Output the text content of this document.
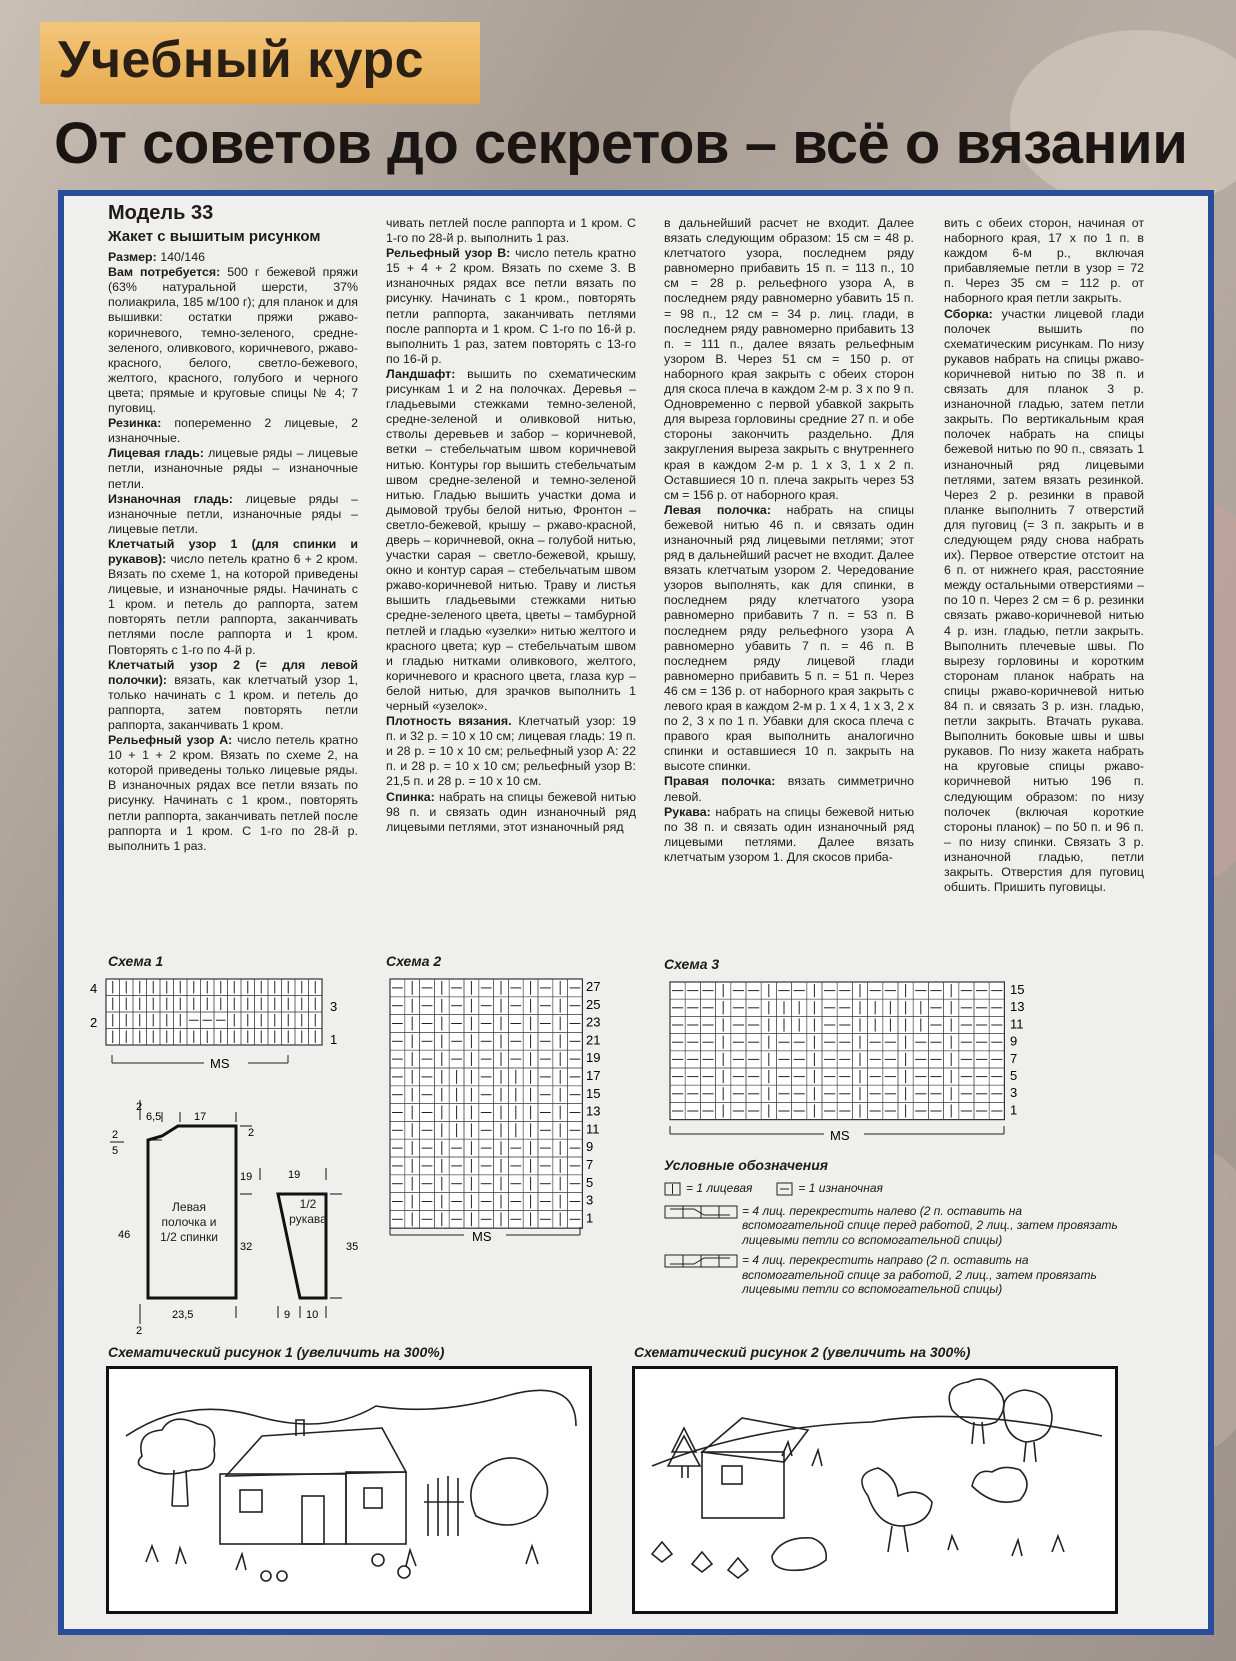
Учебный курс
От советов до секретов – всё о вязании
Модель 33
Жакет с вышитым рисунком

Размер: 140/146

Вам потребуется: 500 г бежевой пряжи (63% натуральной шерсти, 37% полиакрила, 185 м/100 г); для планок и для вышивки: остатки пряжи ржаво-коричневого, темно-зеленого, средне-зеленого, оливкового, коричневого, ржаво-красного, белого, светло-бежевого, желтого, красного, голубого и черного цвета; прямые и круговые спицы № 4; 7 пуговиц.

Резинка: попеременно 2 лицевые, 2 изнаночные.

Лицевая гладь: лицевые ряды – лицевые петли, изнаночные ряды – изнаночные петли.

Изнаночная гладь: лицевые ряды – изнаночные петли, изнаночные ряды – лицевые петли.

Клетчатый узор 1 (для спинки и рукавов): число петель кратно 6 + 2 кром. Вязать по схеме 1, на которой приведены лицевые, и изнаночные ряды. Начинать с 1 кром. и петель до раппорта, затем повторять петли раппорта, заканчивать петлями после раппорта и 1 кром. Повторять с 1-го по 4-й р.

Клетчатый узор 2 (= для левой полочки): вязать, как клетчатый узор 1, только начинать с 1 кром. и петель до раппорта, затем повторять петли раппорта, заканчивать 1 кром.

Рельефный узор А: число петель кратно 10 + 1 + 2 кром. Вязать по схеме 2, на которой приведены только лицевые ряды. В изнаночных рядах все петли вязать по рисунку. Начинать с 1 кром., повторять петли раппорта, заканчивать петлей после раппорта и 1 кром. С 1-го по 28-й р. выполнить 1 раз.

чивать петлей после раппорта и 1 кром. С 1-го по 28-й р. выполнить 1 раз.

Рельефный узор В: число петель кратно 15 + 4 + 2 кром. Вязать по схеме 3. В изнаночных рядах все петли вязать по рисунку. Начинать с 1 кром., повторять петли раппорта, заканчивать петлями после раппорта и 1 кром. С 1-го по 16-й р. выполнить 1 раз, затем повторять с 13-го по 16-й р.

Ландшафт: вышить по схематическим рисункам 1 и 2 на полочках. Деревья – гладьевыми стежками темно-зеленой, средне-зеленой и оливковой нитью, стволы деревьев и забор – коричневой, ветки – стебельчатым швом коричневой нитью. Контуры гор вышить стебельчатым швом средне-зеленой и темно-зеленой нитью. Гладью вышить участки дома и дымовой трубы белой нитью, Фронтон – светло-бежевой, крышу – ржаво-красной, дверь – коричневой, окна – голубой нитью, участки сарая – светло-бежевой, крышу, окно и контур сарая – стебельчатым швом ржаво-коричневой нитью. Траву и листья вышить гладьевыми стежками нитью средне-зеленого цвета, цветы – тамбурной петлей и гладью «узелки» нитью желтого и красного цвета; кур – стебельчатым швом и гладью нитками оливкового, желтого, коричневого и красного цвета, глаза кур – белой нитью, для зрачков выполнить 1 черный «узелок».

Плотность вязания. Клетчатый узор: 19 п. и 32 р. = 10 х 10 см; лицевая гладь: 19 п. и 28 р. = 10 х 10 см; рельефный узор А: 22 п. и 28 р. = 10 х 10 см; рельефный узор В: 21,5 п. и 28 р. = 10 х 10 см.

Спинка: набрать на спицы бежевой нитью 98 п. и связать один изнаночный ряд лицевыми петлями, этот изнаночный ряд

в дальнейший расчет не входит. Далее вязать следующим образом: 15 см = 48 р. клетчатого узора, последнем ряду равномерно прибавить 15 п. = 113 п., 10 см = 28 р. рельефного узора А, в последнем ряду равномерно убавить 15 п. = 98 п., 12 см = 34 р. лиц. глади, в последнем ряду равномерно прибавить 13 п. = 111 п., далее вязать рельефным узором В. Через 51 см = 150 р. от наборного края закрыть с обеих сторон для скоса плеча в каждом 2-м р. 3 х по 9 п. Одновременно с первой убавкой закрыть для выреза горловины средние 27 п. и обе стороны закончить раздельно. Для закругления выреза закрыть с внутреннего края в каждом 2-м р. 1 х 3, 1 х 2 п. Оставшиеся 10 п. плеча закрыть через 53 см = 156 р. от наборного края.

Левая полочка: набрать на спицы бежевой нитью 46 п. и связать один изнаночный ряд лицевыми петлями; этот ряд в дальнейший расчет не входит. Далее вязать клетчатым узором 2. Чередование узоров выполнять, как для спинки, в последнем ряду клетчатого узора равномерно прибавить 7 п. = 53 п. В последнем ряду рельефного узора А равномерно убавить 7 п. = 46 п. В последнем ряду лицевой глади равномерно прибавить 5 п. = 51 п. Через 46 см = 136 р. от наборного края закрыть с левого края в каждом 2-м р. 1 х 4, 1 х 3, 2 х по 2, 3 х по 1 п. Убавки для скоса плеча с правого края выполнить аналогично спинки и оставшиеся 10 п. закрыть на высоте спинки.

Правая полочка: вязать симметрично левой.

Рукава: набрать на спицы бежевой нитью по 38 п. и связать один изнаночный ряд лицевыми петлями. Далее вязать клетчатым узором 1. Для скосов приба-

вить с обеих сторон, начиная от наборного края, 17 х по 1 п. в каждом 6-м р., включая прибавляемые петли в узор = 72 п. Через 35 см = 112 р. от наборного края петли закрыть.

Сборка: участки лицевой глади полочек вышить по схематическим рисункам. По низу рукавов набрать на спицы ржаво-коричневой нитью по 38 п. и связать для планок 3 р. изнаночной гладью, затем петли закрыть. По вертикальным края полочек набрать на спицы бежевой нитью по 90 п., связать 1 изнаночный ряд лицевыми петлями, затем вязать резинкой. Через 2 р. резинки в правой планке выполнить 7 отверстий для пуговиц (= 3 п. закрыть и в следующем ряду снова набрать их). Первое отверстие отстоит на 6 п. от нижнего края, расстояние между остальными отверстиями – по 10 п. Через 2 см = 6 р. резинки связать ржаво-коричневой нитью 4 р. изн. гладью, петли закрыть. Выполнить плечевые швы. По вырезу горловины и коротким сторонам планок набрать на спицы ржаво-коричневой нитью 84 п. и связать 3 р. изн. гладью, петли закрыть. Втачать рукава. Выполнить боковые швы и швы рукавов. По низу жакета набрать на круговые спицы ржаво-коричневой нитью 196 п. следующим образом: по низу полочек (включая короткие стороны планок) – по 50 п. и 96 п. – по низу спинки. Связать 3 р. изнаночной гладью, петли закрыть. Отверстия для пуговиц обшить. Пришить пуговицы.

Схема 1	Схема 2	Схема 3
4
2
3
1
MS
27
25
23
21
19
17
15
13
11
9
7
5
3
1
MS
15
13
11
9
7
5
3
1
MS
Условные обозначения
= 1 лицевая	= 1 изнаночная
= 4 лиц. перекрестить налево (2 п. оставить на вспомогательной спице перед работой, 2 лиц., затем провязать лицевыми петли со вспомогательной спицы)
= 4 лиц. перекрестить направо (2 п. оставить на вспомогательной спице за работой, 2 лиц., затем провязать лицевыми петли со вспомогательной спицы)
2
6,5	17
2
5
2
19
46
32
2
23,5
19
35
9 10
Левая полочка и 1/2 спинки
1/2 рукава
Схематический рисунок 1 (увеличить на 300%)	Схематический рисунок 2 (увеличить на 300%)
